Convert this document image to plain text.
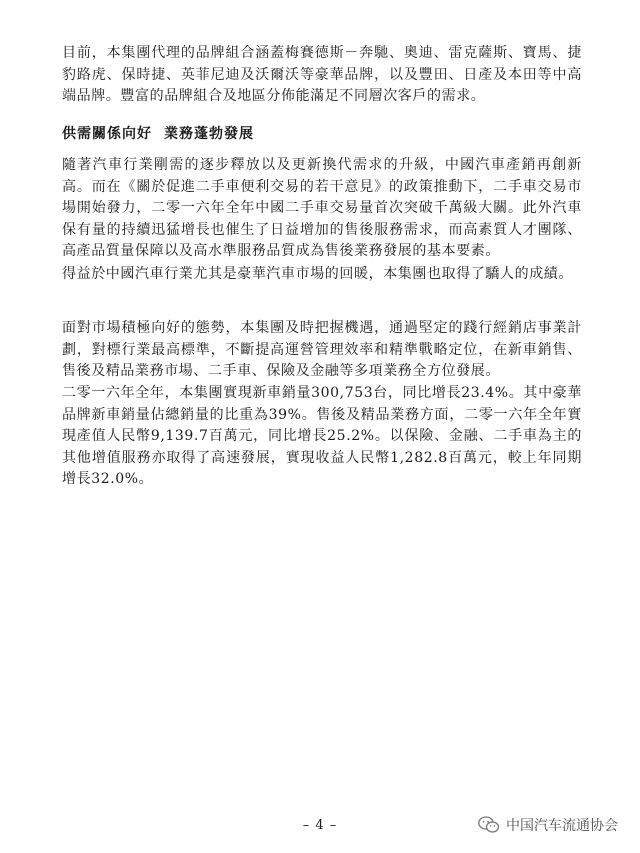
目前，本集團代理的品牌組合涵蓋梅賽德斯－奔馳、奧迪、雷克薩斯、寶馬、捷豹路虎、保時捷、英菲尼迪及沃爾沃等豪華品牌，以及豐田、日產及本田等中高端品牌。豐富的品牌組合及地區分佈能滿足不同層次客戶的需求。

供需關係向好 業務蓬勃發展

隨著汽車行業剛需的逐步釋放以及更新換代需求的升級，中國汽車產銷再創新高。而在《關於促進二手車便利交易的若干意見》的政策推動下，二手車交易市場開始發力，二零一六年全年中國二手車交易量首次突破千萬級大關。此外汽車保有量的持續迅猛增長也催生了日益增加的售後服務需求，而高素質人才團隊、高產品質量保障以及高水準服務品質成為售後業務發展的基本要素。

得益於中國汽車行業尤其是豪華汽車市場的回暖，本集團也取得了驕人的成績。

面對市場積極向好的態勢，本集團及時把握機遇，通過堅定的踐行經銷店事業計劃，對標行業最高標準，不斷提高運營管理效率和精準戰略定位，在新車銷售、售後及精品業務市場、二手車、保險及金融等多項業務全方位發展。

二零一六年全年，本集團實現新車銷量300,753台，同比增長23.4%。其中豪華品牌新車銷量佔總銷量的比重為39%。售後及精品業務方面，二零一六年全年實現產值人民幣9,139.7百萬元，同比增長25.2%。以保險、金融、二手車為主的其他增值服務亦取得了高速發展，實現收益人民幣1,282.8百萬元，較上年同期增長32.0%。

– 4 –	中国汽车流通协会
